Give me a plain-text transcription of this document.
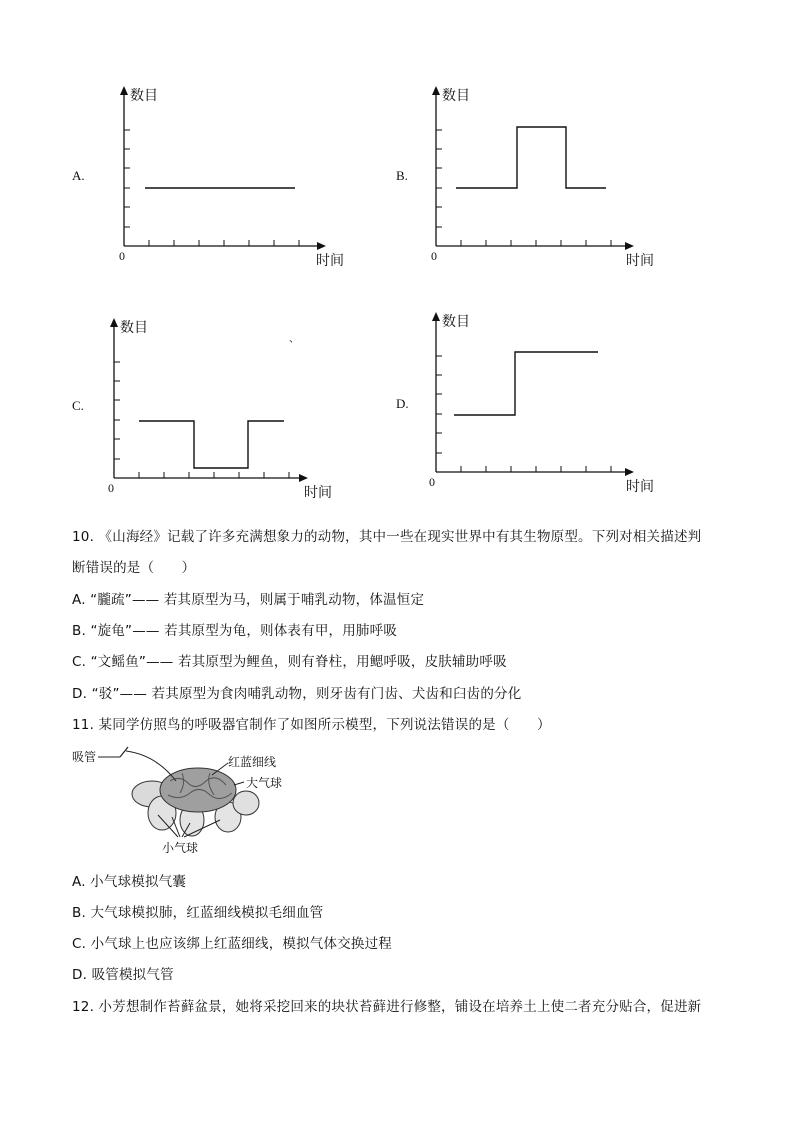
A.
数目
时间
0
B.
数目
时间
0
C.
数目
时间
0
、
D.
数目
时间
0
10. 《山海经》记载了许多充满想象力的动物，其中一些在现实世界中有其生物原型。下列对相关描述判
断错误的是（　　）
A. “朧疏”—— 若其原型为马，则属于哺乳动物，体温恒定
B. “旋龟”—— 若其原型为龟，则体表有甲，用肺呼吸
C. “文鳐鱼”—— 若其原型为鲤鱼，则有脊柱，用鳃呼吸，皮肤辅助呼吸
D. “驳”—— 若其原型为食肉哺乳动物，则牙齿有门齿、犬齿和臼齿的分化
11. 某同学仿照鸟的呼吸器官制作了如图所示模型，下列说法错误的是（　　）
吸管	红蓝细线
大气球
小气球
A. 小气球模拟气囊
B. 大气球模拟肺，红蓝细线模拟毛细血管
C. 小气球上也应该绑上红蓝细线，模拟气体交换过程
D. 吸管模拟气管
12. 小芳想制作苔藓盆景，她将采挖回来的块状苔藓进行修整，铺设在培养土上使二者充分贴合，促进新
